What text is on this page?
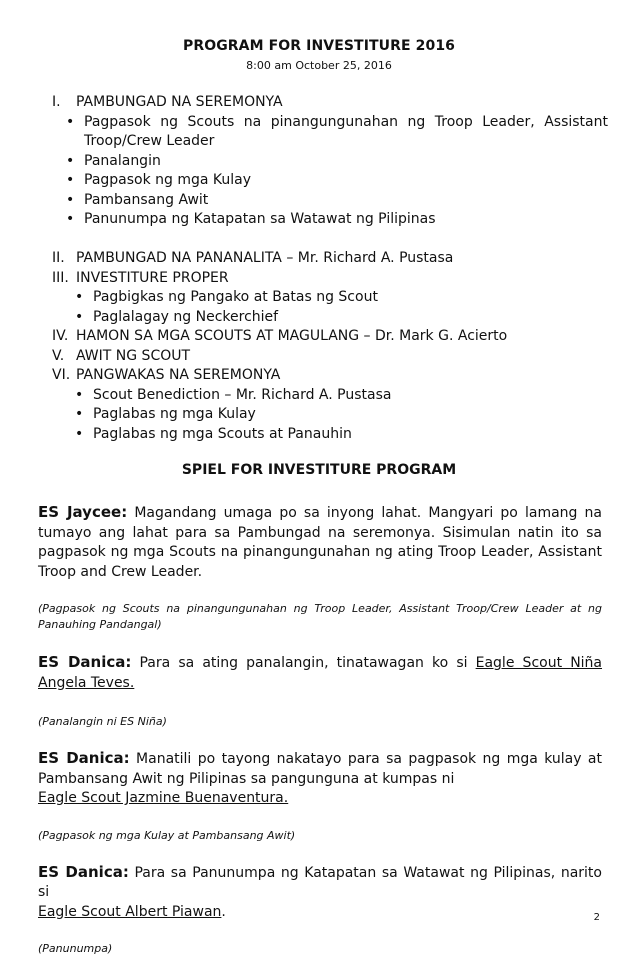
PROGRAM FOR INVESTITURE 2016
8:00 am October 25, 2016
I.	PAMBUNGAD NA SEREMONYA
• Pagpasok ng Scouts na pinangungunahan ng Troop Leader, Assistant Troop/Crew Leader
• Panalangin
• Pagpasok ng mga Kulay
• Pambansang Awit
• Panunumpa ng Katapatan sa Watawat ng Pilipinas
II. PAMBUNGAD NA PANANALITA – Mr. Richard A. Pustasa
III. INVESTITURE PROPER
• Pagbigkas ng Pangako at Batas ng Scout
• Paglalagay ng Neckerchief
IV. HAMON SA MGA SCOUTS AT MAGULANG – Dr. Mark G. Acierto
V. AWIT NG SCOUT
VI. PANGWAKAS NA SEREMONYA
• Scout Benediction – Mr. Richard A. Pustasa
• Paglabas ng mga Kulay
• Paglabas ng mga Scouts at Panauhin
SPIEL FOR INVESTITURE PROGRAM

ES Jaycee: Magandang umaga po sa inyong lahat. Mangyari po lamang na tumayo ang lahat para sa Pambungad na seremonya. Sisimulan natin ito sa pagpasok ng mga Scouts na pinangungunahan ng ating Troop Leader, Assistant Troop and Crew Leader.

(Pagpasok ng Scouts na pinangungunahan ng Troop Leader, Assistant Troop/Crew Leader at ng Panauhing Pandangal)

ES Danica: Para sa ating panalangin, tinatawagan ko si Eagle Scout Niña Angela Teves.

(Panalangin ni ES Niña)

ES Danica: Manatili po tayong nakatayo para sa pagpasok ng mga kulay at Pambansang Awit ng Pilipinas sa pangunguna at kumpas ni
Eagle Scout Jazmine Buenaventura.

(Pagpasok ng mga Kulay at Pambansang Awit)

ES Danica: Para sa Panunumpa ng Katapatan sa Watawat ng Pilipinas, narito si
Eagle Scout Albert Piawan.

(Panunumpa)

2
